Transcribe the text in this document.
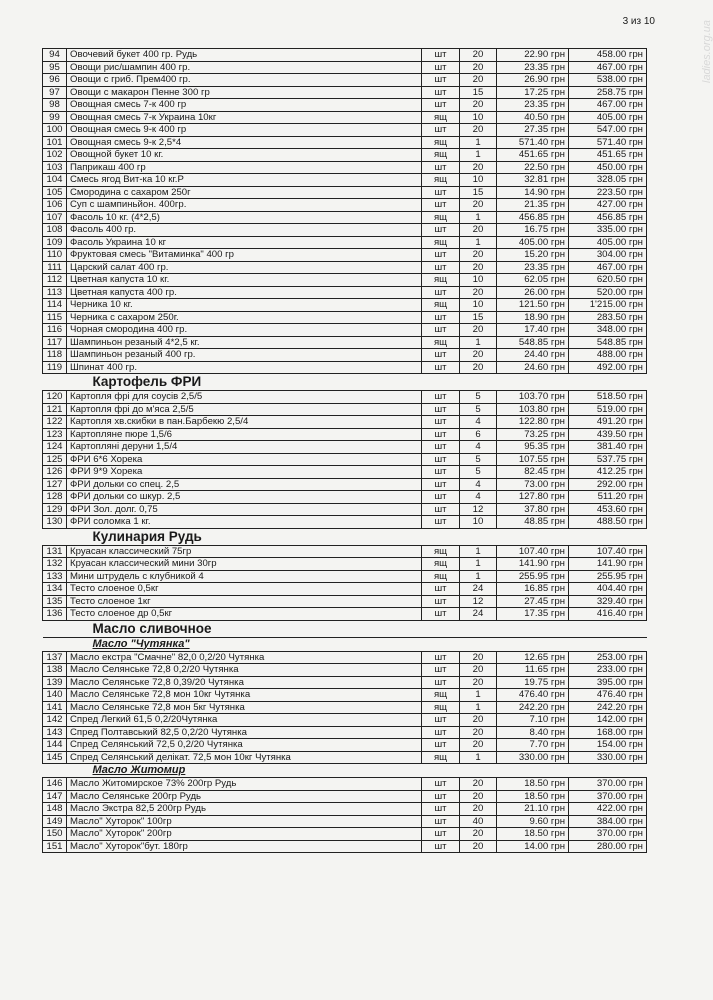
3 из 10	ladies.org.ua
94	Овочевий букет 400 гр. Рудь	шт	20	22.90 грн	458.00 грн
95	Овощи рис/шампин 400 гр.	шт	20	23.35 грн	467.00 грн
96	Овощи с гриб. Прем400 гр.	шт	20	26.90 грн	538.00 грн
97	Овощи с макарон Пенне 300 гр	шт	15	17.25 грн	258.75 грн
98	Овощная смесь 7-к 400 гр	шт	20	23.35 грн	467.00 грн
99	Овощная смесь 7-к Украина 10кг	ящ	10	40.50 грн	405.00 грн
100	Овощная смесь 9-к 400 гр	шт	20	27.35 грн	547.00 грн
101	Овощная смесь 9-к 2,5*4	ящ	1	571.40 грн	571.40 грн
102	Овощной букет 10 кг.	ящ	1	451.65 грн	451.65 грн
103	Паприкаш 400 гр	шт	20	22.50 грн	450.00 грн
104	Смесь ягод Вит-ка 10 кг.Р	ящ	10	32.81 грн	328.05 грн
105	Смородина с сахаром 250г	шт	15	14.90 грн	223.50 грн
106	Суп с шампиньйон. 400гр.	шт	20	21.35 грн	427.00 грн
107	Фасоль 10 кг. (4*2,5)	ящ	1	456.85 грн	456.85 грн
108	Фасоль 400 гр.	шт	20	16.75 грн	335.00 грн
109	Фасоль Украина 10 кг	ящ	1	405.00 грн	405.00 грн
110	Фруктовая смесь "Витаминка" 400 гр	шт	20	15.20 грн	304.00 грн
111	Царский салат 400 гр.	шт	20	23.35 грн	467.00 грн
112	Цветная капуста 10 кг.	ящ	10	62.05 грн	620.50 грн
113	Цветная капуста 400 гр.	шт	20	26.00 грн	520.00 грн
114	Черника 10 кг.	ящ	10	121.50 грн	1'215.00 грн
115	Черника с сахаром 250г.	шт	15	18.90 грн	283.50 грн
116	Чорная смородина 400 гр.	шт	20	17.40 грн	348.00 грн
117	Шампиньон резаный 4*2,5 кг.	ящ	1	548.85 грн	548.85 грн
118	Шампиньон резаный 400 гр.	шт	20	24.40 грн	488.00 грн
119	Шпинат 400 гр.	шт	20	24.60 грн	492.00 грн
	Картофель ФРИ				
120	Картопля фрі для соусів 2,5/5	шт	5	103.70 грн	518.50 грн
121	Картопля фрі до м'яса 2,5/5	шт	5	103.80 грн	519.00 грн
122	Картопля хв.скибки в пан.Барбекю 2,5/4	шт	4	122.80 грн	491.20 грн
123	Картопляне пюре 1,5/6	шт	6	73.25 грн	439.50 грн
124	Картопляні деруни 1,5/4	шт	4	95.35 грн	381.40 грн
125	ФРИ 6*6 Хорека	шт	5	107.55 грн	537.75 грн
126	ФРИ 9*9 Хорека	шт	5	82.45 грн	412.25 грн
127	ФРИ дольки со спец. 2,5	шт	4	73.00 грн	292.00 грн
128	ФРИ дольки со шкур. 2,5	шт	4	127.80 грн	511.20 грн
129	ФРИ Зол. долг. 0,75	шт	12	37.80 грн	453.60 грн
130	ФРИ соломка 1 кг.	шт	10	48.85 грн	488.50 грн
	Кулинария Рудь				
131	Круасан классический 75гр	ящ	1	107.40 грн	107.40 грн
132	Круасан классический мини 30гр	ящ	1	141.90 грн	141.90 грн
133	Мини штрудель с клубникой 4	ящ	1	255.95 грн	255.95 грн
134	Тесто слоеное 0,5кг	шт	24	16.85 грн	404.40 грн
135	Тесто слоеное 1кг	шт	12	27.45 грн	329.40 грн
136	Тесто слоеное др 0,5кг	шт	24	17.35 грн	416.40 грн
	Масло сливочное				
	Масло "Чутянка"				
137	Масло екстра "Смачне" 82,0 0,2/20 Чутянка	шт	20	12.65 грн	253.00 грн
138	Масло Селянське 72,8 0,2/20 Чутянка	шт	20	11.65 грн	233.00 грн
139	Масло Селянське 72,8 0,39/20 Чутянка	шт	20	19.75 грн	395.00 грн
140	Масло Селянське 72,8 мон 10кг Чутянка	ящ	1	476.40 грн	476.40 грн
141	Масло Селянське 72,8 мон 5кг Чутянка	ящ	1	242.20 грн	242.20 грн
142	Спред Легкий 61,5 0,2/20Чутянка	шт	20	7.10 грн	142.00 грн
143	Спред Полтавський 82,5 0,2/20 Чутянка	шт	20	8.40 грн	168.00 грн
144	Спред Селянський 72,5 0,2/20 Чутянка	шт	20	7.70 грн	154.00 грн
145	Спред Селянський делікат. 72,5 мон 10кг Чутянка	ящ	1	330.00 грн	330.00 грн
	Масло Житомир				
146	Масло Житомирское 73% 200гр Рудь	шт	20	18.50 грн	370.00 грн
147	Масло Селянське 200гр Рудь	шт	20	18.50 грн	370.00 грн
148	Масло Экстра 82,5 200гр Рудь	шт	20	21.10 грн	422.00 грн
149	Масло" Хуторок" 100гр	шт	40	9.60 грн	384.00 грн
150	Масло" Хуторок" 200гр	шт	20	18.50 грн	370.00 грн
151	Масло" Хуторок"бут. 180гр	шт	20	14.00 грн	280.00 грн
